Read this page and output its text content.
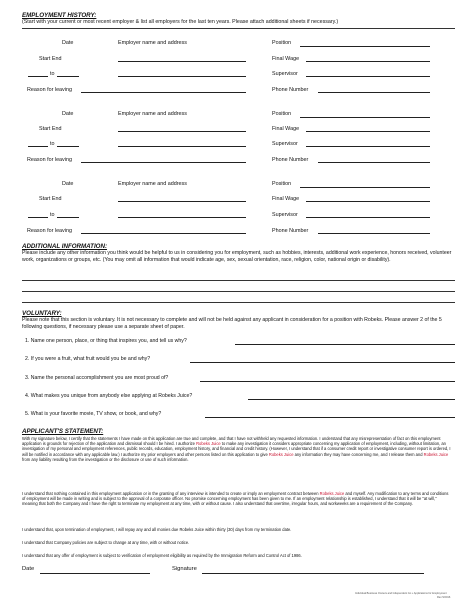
EMPLOYMENT HISTORY:
(Start with your current or most recent employer & list all employers for the last ten years. Please attach additional sheets if necessary.)
Date	Employer name and address	Position
Start End	Final Wage
to	Supervisor
Reason for leaving	Phone Number
Date	Employer name and address	Position
Start End	Final Wage
to	Supervisor
Reason for leaving	Phone Number
Date	Employer name and address	Position
Start End	Final Wage
to	Supervisor
Reason for leaving	Phone Number
ADDITIONAL INFORMATION:
Please include any other information you think would be helpful to us in considering you for employment, such as hobbies, interests, additional work experience, honors received, volunteer work, organizations or groups, etc. (You may omit all information that would indicate age, sex, sexual orientation, race, religion, color, national origin or disability).
VOLUNTARY:
Please note that this section is voluntary. It is not necessary to complete and will not be held against any applicant in consideration for a position with Robeks. Please answer 2 of the 5 following questions, if necessary please use a separate sheet of paper.
1. Name one person, place, or thing that inspires you, and tell us why?
2. If you were a fruit, what fruit would you be and why?
3. Name the personal accomplishment you are most proud of?
4. What makes you unique from anybody else applying at Robeks Juice?
5. What is your favorite movie, TV show, or book, and why?
APPLICANT'S STATEMENT:
With my signature below, I certify that the statements I have made on this application are true and complete, and that I have not withheld any requested information. I understand that any misrepresentation of fact on this employment application is grounds for rejection of the application and dismissal should I be hired. I authorize Robeks Juice to make any investigation it considers appropriate concerning my application of employment, including, without limitation, an investigation of my personal and employment references, public records, education, employment history, and financial and credit history. (However, I understand that if a consumer credit report or investigative consumer report is ordered, I will be notified in accordance with any applicable law.) I authorize my prior employers and other persons listed on this application to give Robeks Juice any information they may have concerning me, and I release them and Robeks Juice from any liability resulting from the investigation or the disclosure or use of such information.
I understand that nothing contained in this employment application or in the granting of any interview is intended to create or imply an employment contract between Robeks Juice and myself. Any modification to any terms and conditions of employment will be made in writing and is subject to the approval of a corporate officer. No promise concerning employment has been given to me. If an employment relationship is established, I understand that it will be "at will," meaning that both the Company and I have the right to terminate my employment at any time, with or without cause. I also understand that overtime, irregular hours, and workweeks are a requirement of the Company.
I understand that, upon termination of employment, I will repay any and all monies due Robeks Juice within thirty (30) days from my termination date.
I understand that Company policies are subject to change at any time, with or without notice.
I understand that any offer of employment is subject to verification of employment eligibility as required by the Immigration Reform and Control Act of 1986.
Date	Signature
Individual Business Owners and Independent Co ≥ Applications for Employment
Rev 5/2016
